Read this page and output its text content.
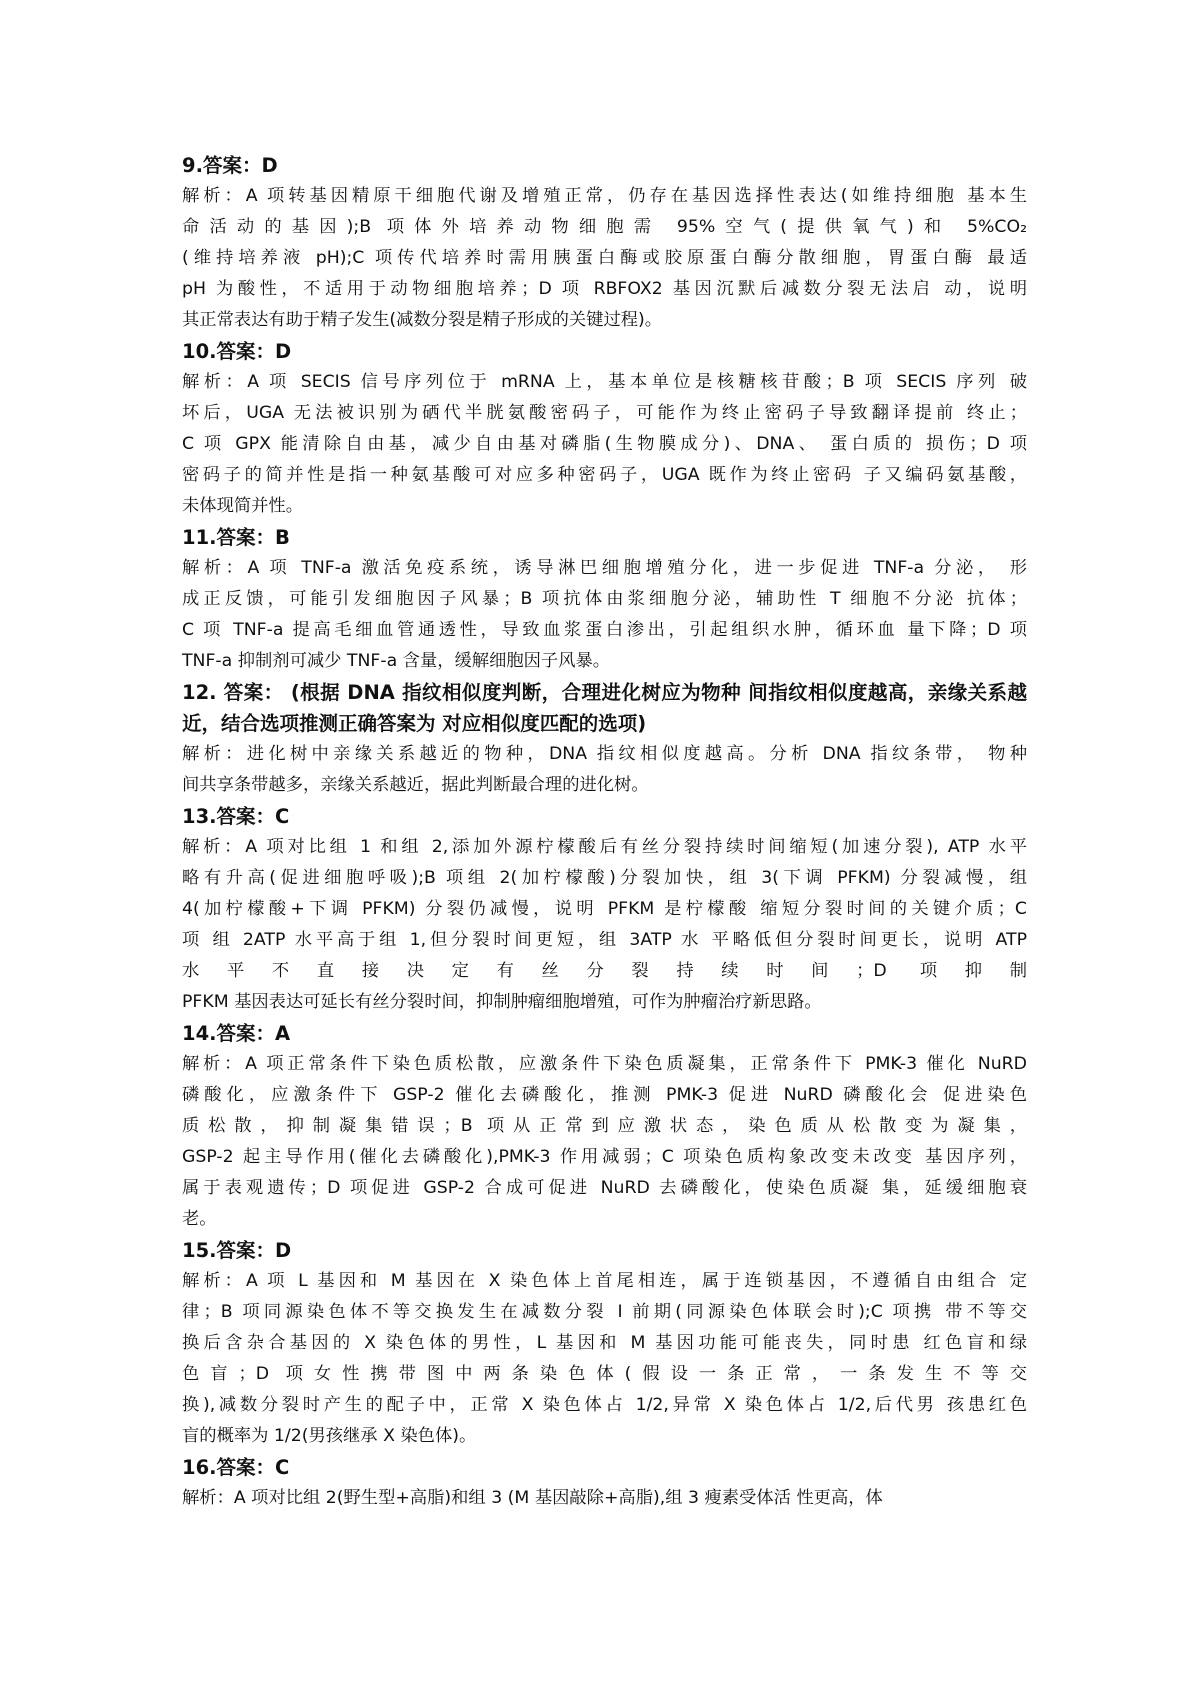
9.答案：D

解析：A 项转基因精原干细胞代谢及增殖正常，仍存在基因选择性表达(如维持细胞 基本生
命活动的基因);B 项体外培养动物细胞需 95%空气(提供氧气)和 5%CO₂
(维持培养液 pH);C 项传代培养时需用胰蛋白酶或胶原蛋白酶分散细胞，胃蛋白酶 最适
pH 为酸性，不适用于动物细胞培养；D 项 RBFOX2 基因沉默后减数分裂无法启 动，说明
其正常表达有助于精子发生(减数分裂是精子形成的关键过程)。

10.答案：D

解析：A 项 SECIS 信号序列位于 mRNA 上，基本单位是核糖核苷酸；B 项 SECIS 序列 破
坏后，UGA 无法被识别为硒代半胱氨酸密码子，可能作为终止密码子导致翻译提前 终止；
C 项 GPX 能清除自由基，减少自由基对磷脂(生物膜成分)、DNA、 蛋白质的 损伤；D 项
密码子的简并性是指一种氨基酸可对应多种密码子，UGA 既作为终止密码 子又编码氨基酸，
未体现简并性。

11.答案：B

解析：A 项 TNF-a 激活免疫系统，诱导淋巴细胞增殖分化，进一步促进 TNF-a 分泌， 形
成正反馈，可能引发细胞因子风暴；B 项抗体由浆细胞分泌，辅助性 T 细胞不分泌 抗体；
C 项 TNF-a 提高毛细血管通透性，导致血浆蛋白渗出，引起组织水肿，循环血 量下降；D 项
TNF-a 抑制剂可减少 TNF-a 含量，缓解细胞因子风暴。

12. 答案： (根据 DNA 指纹相似度判断，合理进化树应为物种 间指纹相似度越高，亲缘关系越近，结合选项推测正确答案为 对应相似度匹配的选项)

解析：进化树中亲缘关系越近的物种，DNA 指纹相似度越高。分析 DNA 指纹条带， 物种
间共享条带越多，亲缘关系越近，据此判断最合理的进化树。

13.答案：C

解析：A 项对比组 1 和组 2,添加外源柠檬酸后有丝分裂持续时间缩短(加速分裂), ATP 水平
略有升高(促进细胞呼吸);B 项组 2(加柠檬酸)分裂加快，组 3(下调 PFKM) 分裂减慢，组
4(加柠檬酸+下调 PFKM) 分裂仍减慢，说明 PFKM 是柠檬酸 缩短分裂时间的关键介质；C
项 组 2ATP 水平高于组 1,但分裂时间更短，组 3ATP 水 平略低但分裂时间更长，说明 ATP
水平不直接决定有丝分裂持续时间；D 项抑制
PFKM 基因表达可延长有丝分裂时间，抑制肿瘤细胞增殖，可作为肿瘤治疗新思路。

14.答案：A

解析：A 项正常条件下染色质松散，应激条件下染色质凝集，正常条件下 PMK-3 催化 NuRD
磷酸化，应激条件下 GSP-2 催化去磷酸化，推测 PMK-3 促进 NuRD 磷酸化会 促进染色
质松散，抑制凝集错误；B 项从正常到应激状态，染色质从松散变为凝集，
GSP-2 起主导作用(催化去磷酸化),PMK-3 作用减弱；C 项染色质构象改变未改变 基因序列，
属于表观遗传；D 项促进 GSP-2 合成可促进 NuRD 去磷酸化，使染色质凝 集，延缓细胞衰
老。

15.答案：D

解析：A 项 L 基因和 M 基因在 X 染色体上首尾相连，属于连锁基因，不遵循自由组合 定
律；B 项同源染色体不等交换发生在减数分裂 I 前期(同源染色体联会时);C 项携 带不等交
换后含杂合基因的 X 染色体的男性，L 基因和 M 基因功能可能丧失，同时患 红色盲和绿
色盲；D 项女性携带图中两条染色体(假设一条正常，一条发生不等交
换),减数分裂时产生的配子中，正常 X 染色体占 1/2,异常 X 染色体占 1/2,后代男 孩患红色
盲的概率为 1/2(男孩继承 X 染色体)。

16.答案：C

解析：A 项对比组 2(野生型+高脂)和组 3 (M 基因敲除+高脂),组 3 瘦素受体活 性更高，体
